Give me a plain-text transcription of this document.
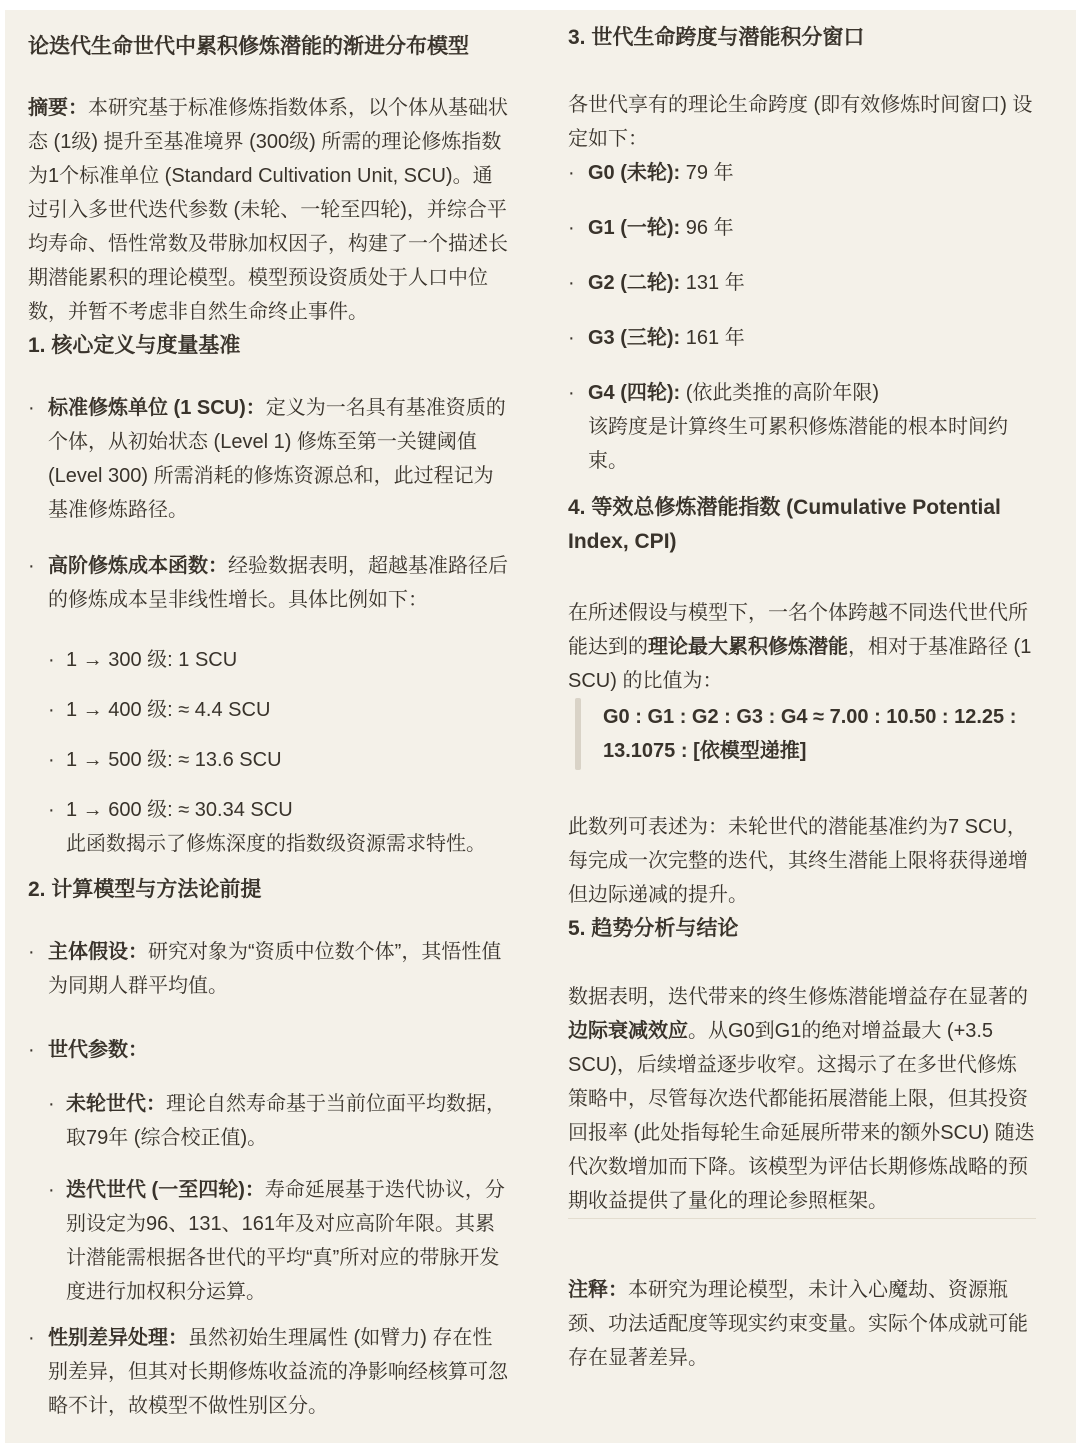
论迭代生命世代中累积修炼潜能的渐进分布模型

摘要：本研究基于标准修炼指数体系，以个体从基础状态 (1级) 提升至基准境界 (300级) 所需的理论修炼指数为1个标准单位 (Standard Cultivation Unit, SCU)。通过引入多世代迭代参数 (未轮、一轮至四轮)，并综合平均寿命、悟性常数及带脉加权因子，构建了一个描述长期潜能累积的理论模型。模型预设资质处于人口中位数，并暂不考虑非自然生命终止事件。

1. 核心定义与度量基准
·
标准修炼单位 (1 SCU)：定义为一名具有基准资质的个体，从初始状态 (Level 1) 修炼至第一关键阈值 (Level 300) 所需消耗的修炼资源总和，此过程记为基准修炼路径。
·
高阶修炼成本函数：经验数据表明，超越基准路径后的修炼成本呈非线性增长。具体比例如下：
·
1 → 300 级: 1 SCU
·
1 → 400 级: ≈ 4.4 SCU
·
1 → 500 级: ≈ 13.6 SCU
·
1 → 600 级: ≈ 30.34 SCU
此函数揭示了修炼深度的指数级资源需求特性。
2. 计算模型与方法论前提
·
主体假设：研究对象为“资质中位数个体”，其悟性值为同期人群平均值。
·
世代参数：
·
未轮世代：理论自然寿命基于当前位面平均数据，取79年 (综合校正值)。
·
迭代世代 (一至四轮)：寿命延展基于迭代协议，分别设定为96、131、161年及对应高阶年限。其累计潜能需根据各世代的平均“真”所对应的带脉开发度进行加权积分运算。
·
性别差异处理：虽然初始生理属性 (如臂力) 存在性别差异，但其对长期修炼收益流的净影响经核算可忽略不计，故模型不做性别区分。
3. 世代生命跨度与潜能积分窗口

各世代享有的理论生命跨度 (即有效修炼时间窗口) 设定如下：

·
G0 (未轮): 79 年
·
G1 (一轮): 96 年
·
G2 (二轮): 131 年
·
G3 (三轮): 161 年
·
G4 (四轮): (依此类推的高阶年限)
该跨度是计算终生可累积修炼潜能的根本时间约束。
4. 等效总修炼潜能指数 (Cumulative Potential Index, CPI)

在所述假设与模型下，一名个体跨越不同迭代世代所能达到的理论最大累积修炼潜能，相对于基准路径 (1 SCU) 的比值为：

G0 : G1 : G2 : G3 : G4 ≈ 7.00 : 10.50 : 12.25 : 13.1075 : [依模型递推]

此数列可表述为：未轮世代的潜能基准约为7 SCU，每完成一次完整的迭代，其终生潜能上限将获得递增但边际递减的提升。

5. 趋势分析与结论

数据表明，迭代带来的终生修炼潜能增益存在显著的边际衰减效应。从G0到G1的绝对增益最大 (+3.5 SCU)，后续增益逐步收窄。这揭示了在多世代修炼策略中，尽管每次迭代都能拓展潜能上限，但其投资回报率 (此处指每轮生命延展所带来的额外SCU) 随迭代次数增加而下降。该模型为评估长期修炼战略的预期收益提供了量化的理论参照框架。

注释：本研究为理论模型，未计入心魔劫、资源瓶颈、功法适配度等现实约束变量。实际个体成就可能存在显著差异。
